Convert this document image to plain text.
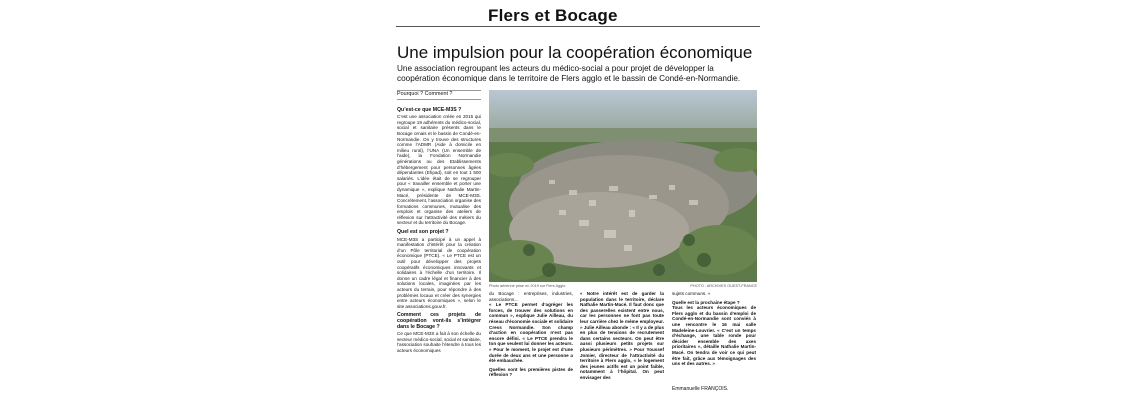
Flers et Bocage
Une impulsion pour la coopération économique
Une association regroupant les acteurs du médico-social a pour projet de développer la coopération économique dans le territoire de Flers agglo et le bassin de Condé-en-Normandie.
Pourquoi ? Comment ?
Qu’est-ce que MCE-M3S ?

C’est une association créée en 2015 qui regroupe 19 adhérents du médico-social, social et sanitaire présents dans le Bocage ornais et le bassin de Condé-en-Normandie. On y trouve des structures comme l’ADMR (Aide à domicile en milieu rural), l’UNA (Un ensemble de l’aide), la Fondation Normandie générations ou des Etablissements d’hébergement pour personnes âgées dépendantes (Ehpad), soit en tout 1 500 salariés. L’idée était de se regrouper pour « travailler ensemble et porter une dynamique », explique Nathalie Martin-Macé, présidente de MCE-M3S. Concrètement, l’association organise des formations communes, mutualise des emplois et organise des ateliers de réflexion sur l’attractivité des métiers du secteur et du territoire du Bocage.

Quel est son projet ?

MCE-M3S a participé à un appel à manifestation d’intérêt pour la création d’un Pôle territorial de coopération économique (PTCE). « Le PTCE est un outil pour développer des projets coopératifs économiques innovants et solidaires à l’échelle d’un territoire. Il donne un cadre légal et financier à des solutions locales, imaginées par les acteurs du terrain, pour répondre à des problèmes locaux et créer des synergies entre acteurs économiques », selon le site associations.gouv.fr.

Comment ces projets de coopération vont-ils s’intégrer dans le Bocage ?

Ce que MCE-M3S a fait à son échelle du secteur médico-social, social et sanitaire, l’association souhaite l’étendre à tous les acteurs économiques

Photo aérienne prise en 2019 sur Flers Agglo.	PHOTO : ARCHIVES OUEST-FRANCE
du Bocage : entreprises, industries, associations…
« Le PTCE permet d’agréger les forces, de trouver des solutions en commun », explique Julie Ailleau, du réseau d’économie sociale et solidaire Cress Normandie. Son champ d’action en coopération n’est pas encore défini. « Le PTCE prendra le ton que veulent lui donner les acteurs. » Pour le moment, le projet est d’une durée de deux ans et une personne a été embauchée.
Quelles sont les premières pistes de réflexion ?
« Notre intérêt est de garder la population dans le territoire, déclare Nathalie Martin-Macé. Il faut donc que des passerelles existent entre nous, car les personnes ne font pas toute leur carrière chez le même employeur. » Julie Ailleau abonde : « Il y a de plus en plus de tensions de recrutement dans certains secteurs. On peut être aussi plusieurs petits projets sur plusieurs périmètres. » Pour Youssef Jomier, directeur de l’attractivité du territoire à Flers agglo, « le logement des jeunes actifs est un point faible, notamment à l’hôpital. On peut envisager des
sujets communs. »
Quelle est la prochaine étape ?
Tous les acteurs économiques de Flers agglo et du bassin d’emploi de Condé-en-Normandie sont conviés à une rencontre le 16 mai salle Madeleine-Louvrier. « C’est un temps d’échange, une table ronde pour décider ensemble des axes prioritaires », détaille Nathalie Martin-Macé. On tendra de voir ce qui peut être fait, grâce aux témoignages des uns et des autres. »
Emmanuelle FRANÇOIS.
